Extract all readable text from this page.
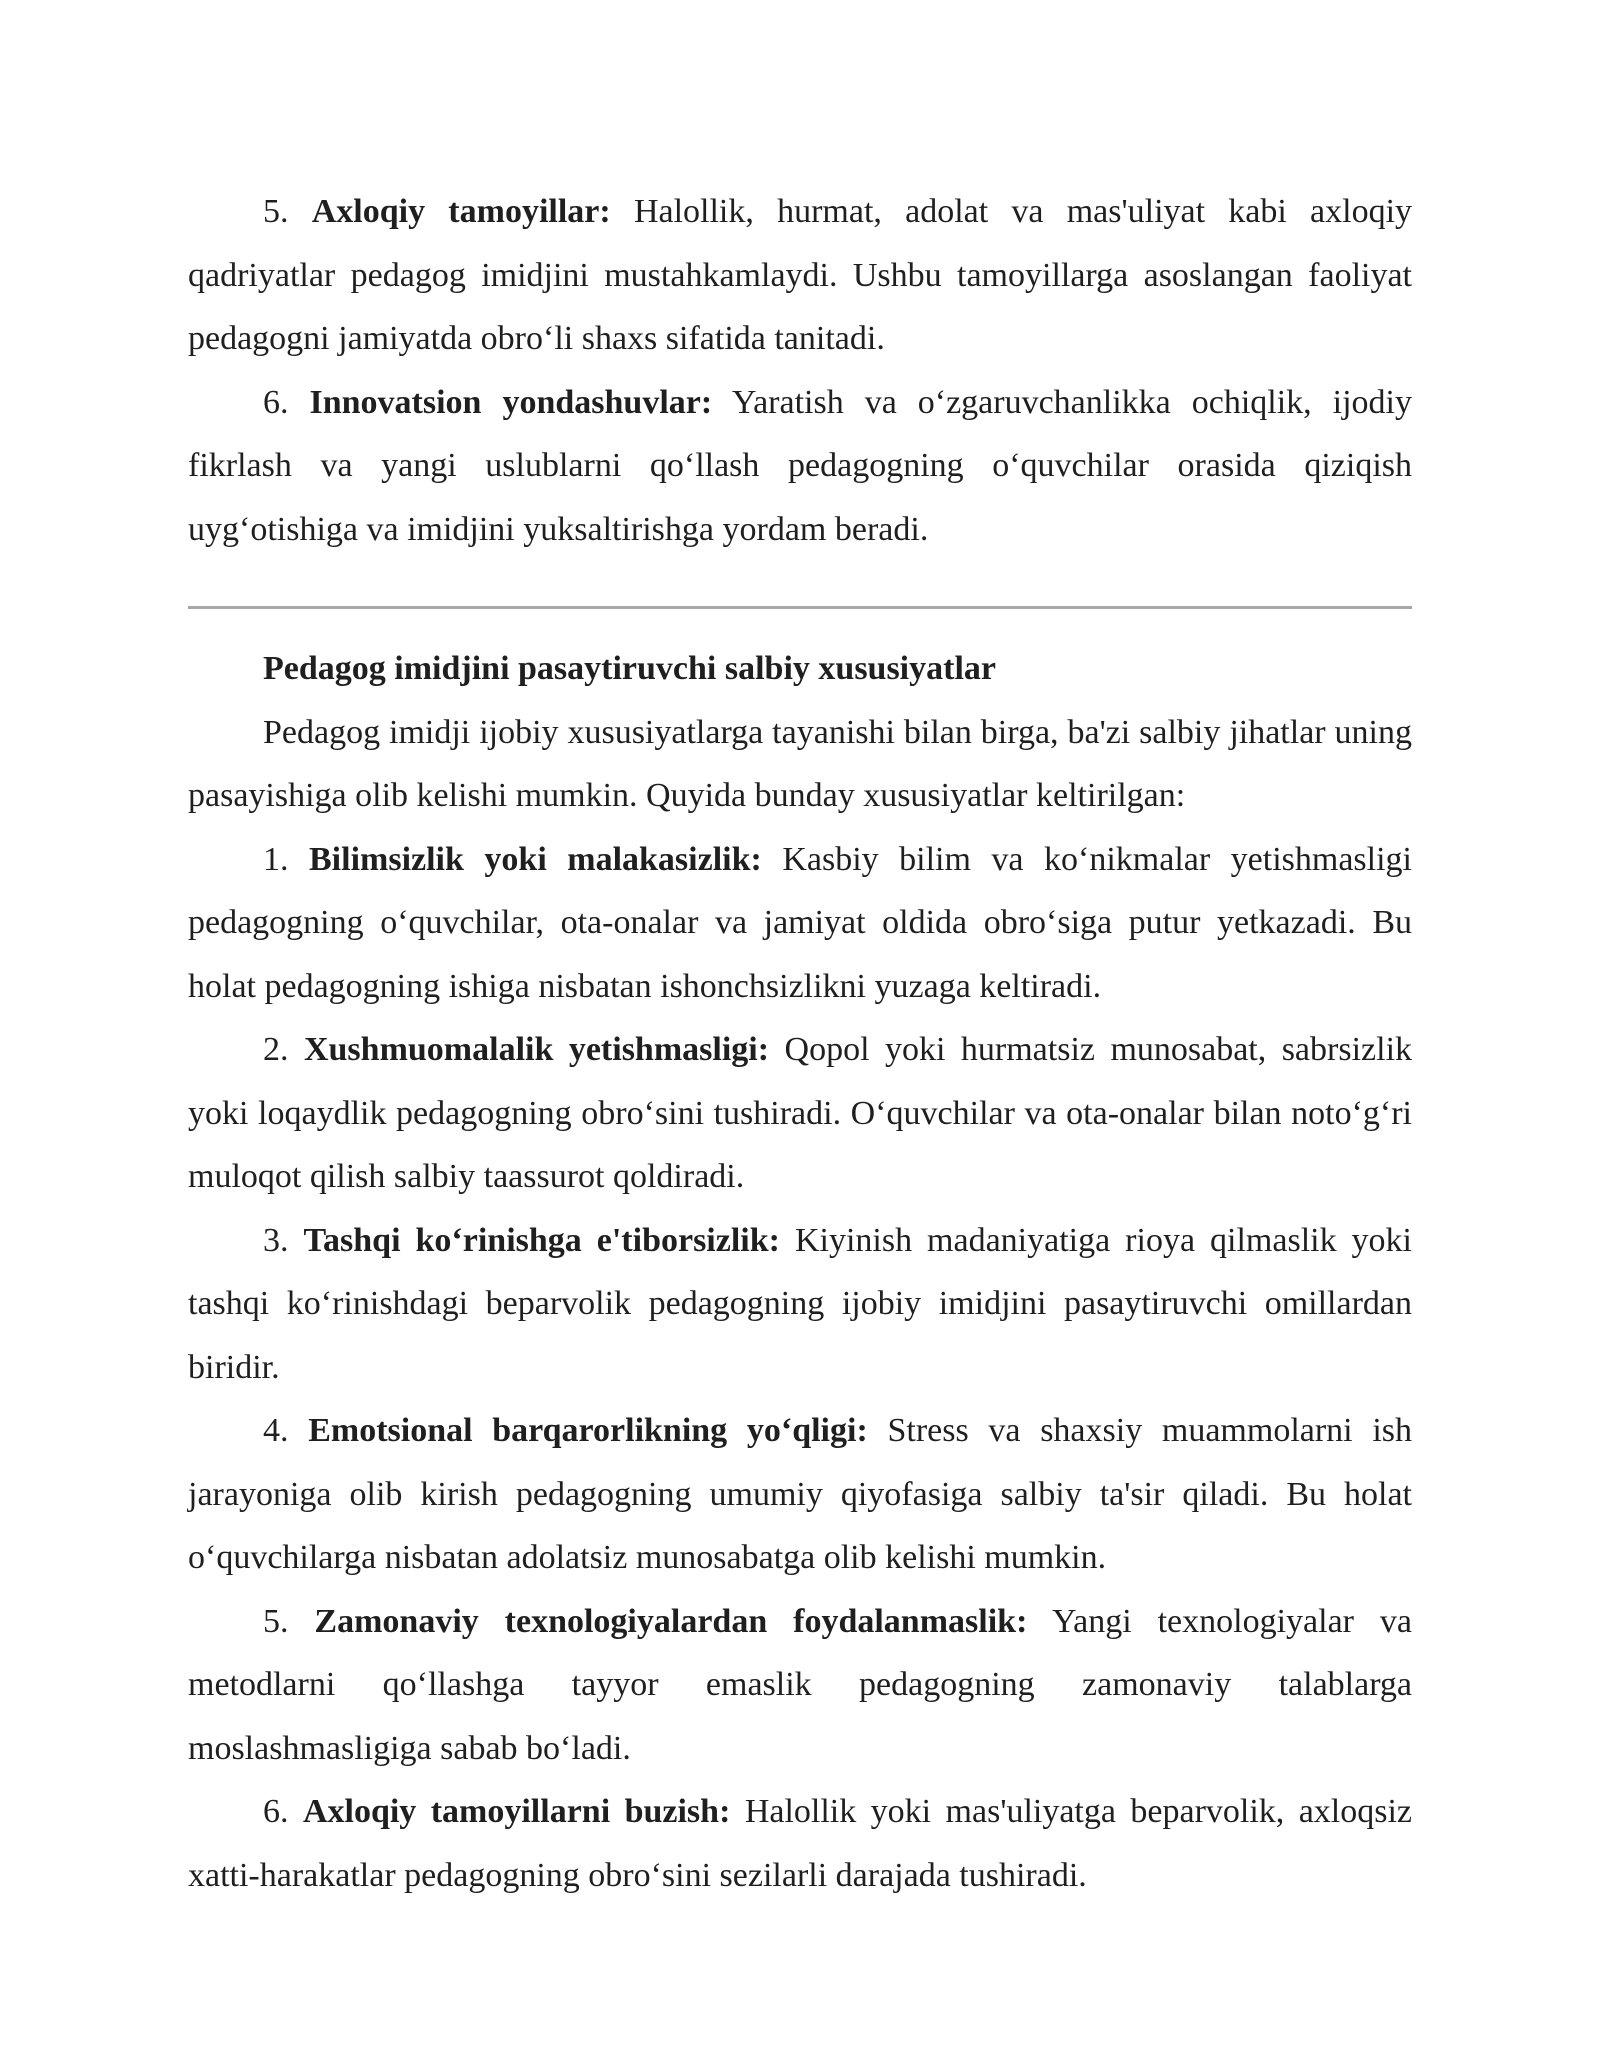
5. Axloqiy tamoyillar: Halollik, hurmat, adolat va mas'uliyat kabi axloqiy qadriyatlar pedagog imidjini mustahkamlaydi. Ushbu tamoyillarga asoslangan faoliyat pedagogni jamiyatda obro‘li shaxs sifatida tanitadi.

6. Innovatsion yondashuvlar: Yaratish va o‘zgaruvchanlikka ochiqlik, ijodiy fikrlash va yangi uslublarni qo‘llash pedagogning o‘quvchilar orasida qiziqish uyg‘otishiga va imidjini yuksaltirishga yordam beradi.

Pedagog imidjini pasaytiruvchi salbiy xususiyatlar

Pedagog imidji ijobiy xususiyatlarga tayanishi bilan birga, ba'zi salbiy jihatlar uning pasayishiga olib kelishi mumkin. Quyida bunday xususiyatlar keltirilgan:

1. Bilimsizlik yoki malakasizlik: Kasbiy bilim va ko‘nikmalar yetishmasligi pedagogning o‘quvchilar, ota-onalar va jamiyat oldida obro‘siga putur yetkazadi. Bu holat pedagogning ishiga nisbatan ishonchsizlikni yuzaga keltiradi.

2. Xushmuomalalik yetishmasligi: Qopol yoki hurmatsiz munosabat, sabrsizlik yoki loqaydlik pedagogning obro‘sini tushiradi. O‘quvchilar va ota-onalar bilan noto‘g‘ri muloqot qilish salbiy taassurot qoldiradi.

3. Tashqi ko‘rinishga e'tiborsizlik: Kiyinish madaniyatiga rioya qilmaslik yoki tashqi ko‘rinishdagi beparvolik pedagogning ijobiy imidjini pasaytiruvchi omillardan biridir.

4. Emotsional barqarorlikning yo‘qligi: Stress va shaxsiy muammolarni ish jarayoniga olib kirish pedagogning umumiy qiyofasiga salbiy ta'sir qiladi. Bu holat o‘quvchilarga nisbatan adolatsiz munosabatga olib kelishi mumkin.

5. Zamonaviy texnologiyalardan foydalanmaslik: Yangi texnologiyalar va metodlarni qo‘llashga tayyor emaslik pedagogning zamonaviy talablarga moslashmasligiga sabab bo‘ladi.

6. Axloqiy tamoyillarni buzish: Halollik yoki mas'uliyatga beparvolik, axloqsiz xatti-harakatlar pedagogning obro‘sini sezilarli darajada tushiradi.
